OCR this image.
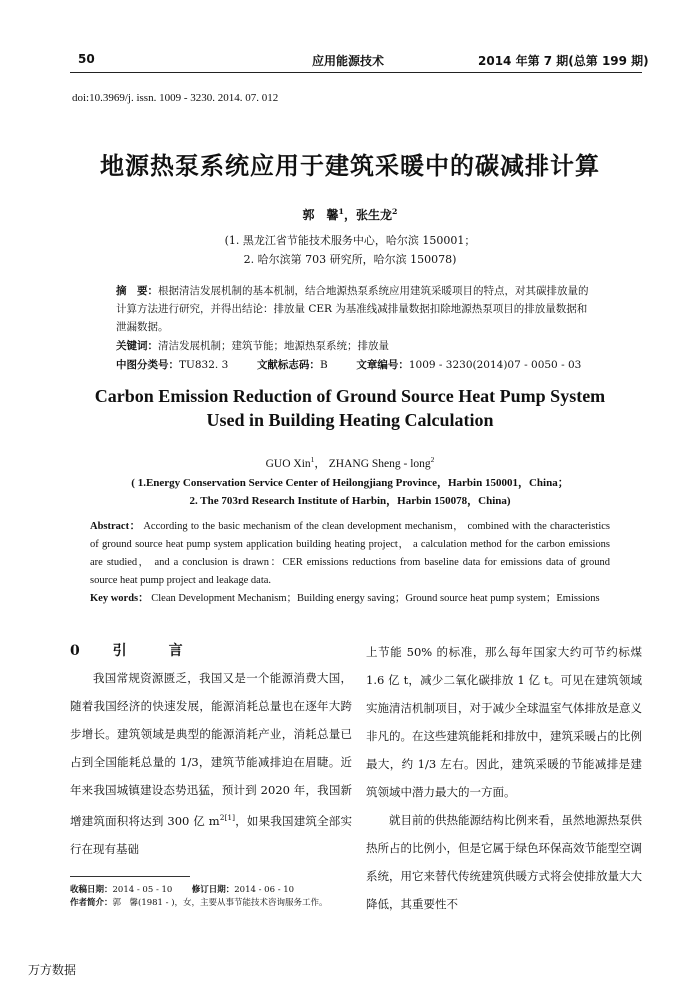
50	应用能源技术	2014 年第 7 期(总第 199 期)
doi:10.3969/j. issn. 1009 - 3230. 2014. 07. 012
地源热泵系统应用于建筑采暖中的碳减排计算
郭　馨$^1$，张生龙$^2$
(1. 黑龙江省节能技术服务中心，哈尔滨 150001；
2. 哈尔滨第 703 研究所，哈尔滨 150078)
摘　要：根据清洁发展机制的基本机制，结合地源热泵系统应用建筑采暖项目的特点，对其碳排放量的计算方法进行研究，并得出结论：排放量 CER 为基准线减排量数据扣除地源热泵项目的排放量数据和泄漏数据。
关键词：清洁发展机制；建筑节能；地源热泵系统；排放量
中图分类号：TU832. 3	文献标志码：B	文章编号：1009 - 3230(2014)07 - 0050 - 03
Carbon Emission Reduction of Ground Source Heat Pump System
Used in Building Heating Calculation
GUO Xin$^1$， ZHANG Sheng - long$^2$
( 1.Energy Conservation Service Center of Heilongjiang Province，Harbin 150001，China；
2. The 703rd Research Institute of Harbin，Harbin 150078，China)
Abstract： According to the basic mechanism of the clean development mechanism， combined with the characteristics of ground source heat pump system application building heating project， a calculation method for the carbon emissions are studied， and a conclusion is drawn：CER emissions reductions from baseline data for emissions data of ground source heat pump project and leakage data.
Key words： Clean Development Mechanism；Building energy saving；Ground source heat pump system；Emissions
0 引　言

我国常规资源匮乏，我国又是一个能源消费大国，随着我国经济的快速发展，能源消耗总量也在逐年大跨步增长。建筑领域是典型的能源消耗产业，消耗总量已占到全国能耗总量的 1/3，建筑节能减排迫在眉睫。近年来我国城镇建设态势迅猛，预计到 2020 年，我国新增建筑面积将达到 300 亿 $m^{2[1]}$，如果我国建筑全部实行在现有基础

收稿日期：2014 - 05 - 10 修订日期：2014 - 06 - 10
作者简介：郭　馨(1981 - )，女，主要从事节能技术咨询服务工作。

上节能 50% 的标准，那么每年国家大约可节约标煤 1.6 亿 t，减少二氧化碳排放 1 亿 t。可见在建筑领域实施清洁机制项目，对于减少全球温室气体排放是意义非凡的。在这些建筑能耗和排放中，建筑采暖占的比例最大，约 1/3 左右。因此，建筑采暖的节能减排是建筑领域中潜力最大的一方面。

就目前的供热能源结构比例来看，虽然地源热泵供热所占的比例小，但是它属于绿色环保高效节能型空调系统，用它来替代传统建筑供暖方式将会使排放量大大降低，其重要性不

万方数据
